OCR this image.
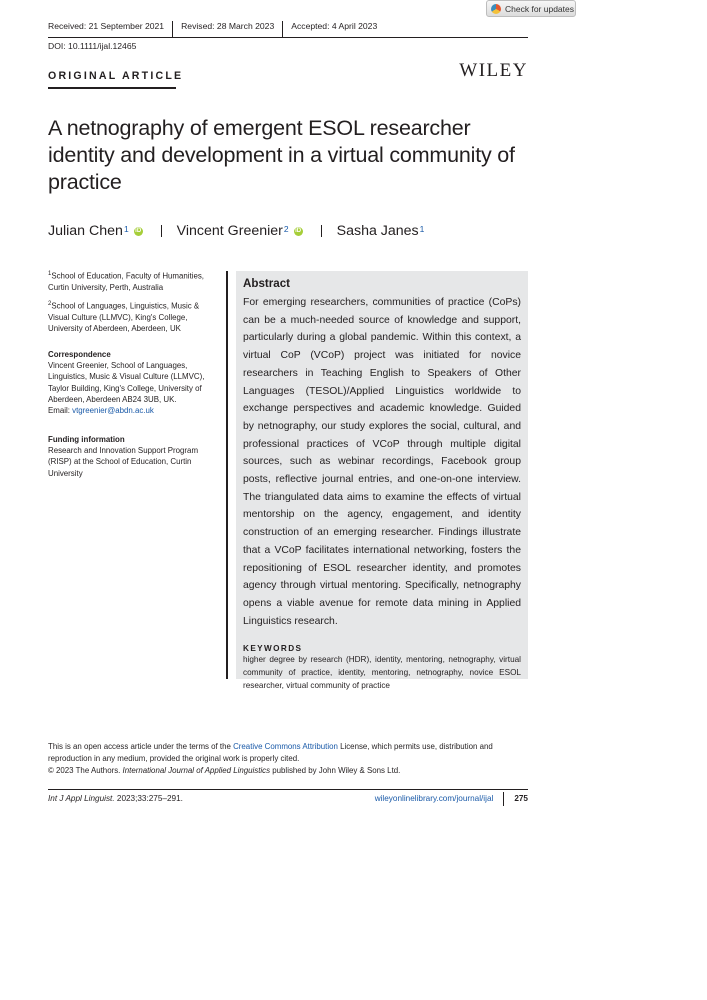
Check for updates
Received: 21 September 2021 Revised: 28 March 2023 Accepted: 4 April 2023
DOI: 10.1111/ijal.12465
ORIGINAL ARTICLE	WILEY
A netnography of emergent ESOL researcher identity and development in a virtual community of practice
Julian Chen$^1$ iD	Vincent Greenier$^2$ iD	Sasha Janes$^1$

$^1$School of Education, Faculty of Humanities, Curtin University, Perth, Australia

$^2$School of Languages, Linguistics, Music & Visual Culture (LLMVC), King's College, University of Aberdeen, Aberdeen, UK

Correspondence

Vincent Greenier, School of Languages,

Linguistics, Music & Visual Culture (LLMVC),

Taylor Building, King's College, University of

Aberdeen, Aberdeen AB24 3UB, UK.

Email: vtgreenier@abdn.ac.uk

Funding information

Research and Innovation Support Program (RISP) at the School of Education, Curtin University

Abstract

For emerging researchers, communities of practice (CoPs) can be a much-needed source of knowledge and support, particularly during a global pandemic. Within this context, a virtual CoP (VCoP) project was initiated for novice researchers in Teaching English to Speakers of Other Languages (TESOL)/Applied Linguistics worldwide to exchange perspectives and academic knowledge. Guided by netnography, our study explores the social, cultural, and professional practices of VCoP through multiple digital sources, such as webinar recordings, Facebook group posts, reflective journal entries, and one-on-one interview. The triangulated data aims to examine the effects of virtual mentorship on the agency, engagement, and identity construction of an emerging researcher. Findings illustrate that a VCoP facilitates international networking, fosters the repositioning of ESOL researcher identity, and promotes agency through virtual mentoring. Specifically, netnography opens a viable avenue for remote data mining in Applied Linguistics research.

KEYWORDS

higher degree by research (HDR), identity, mentoring, netnography, virtual community of practice, identity, mentoring, netnography, novice ESOL researcher, virtual community of practice

This is an open access article under the terms of the Creative Commons Attribution License, which permits use, distribution and reproduction in any medium, provided the original work is properly cited.

© 2023 The Authors. International Journal of Applied Linguistics published by John Wiley & Sons Ltd.

Int J Appl Linguist. 2023;33:275–291.	wileyonlinelibrary.com/journal/ijal	275
